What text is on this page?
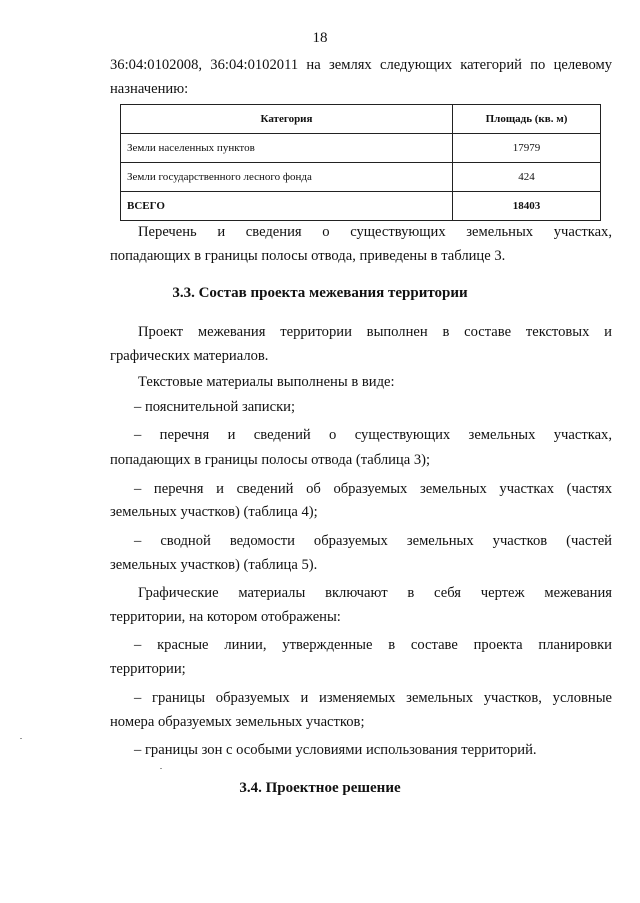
18
36:04:0102008, 36:04:0102011 на землях следующих категорий по целевому
назначению:
Категория	Площадь (кв. м)
Земли населенных пунктов	17979
Земли государственного лесного фонда	424
ВСЕГО	18403
Перечень и сведения о существующих земельных участках,
попадающих в границы полосы отвода, приведены в таблице 3.
3.3. Состав проекта межевания территории
Проект межевания территории выполнен в составе текстовых и
графических материалов.
Текстовые материалы выполнены в виде:
– пояснительной записки;
– перечня и сведений о существующих земельных участках,
попадающих в границы полосы отвода (таблица 3);
– перечня и сведений об образуемых земельных участках (частях
земельных участков) (таблица 4);
– сводной ведомости образуемых земельных участков (частей
земельных участков) (таблица 5).
Графические материалы включают в себя чертеж межевания
территории, на котором отображены:
– красные линии, утвержденные в составе проекта планировки
территории;
– границы образуемых и изменяемых земельных участков, условные
номера образуемых земельных участков;
– границы зон с особыми условиями использования территорий.
3.4. Проектное решение
